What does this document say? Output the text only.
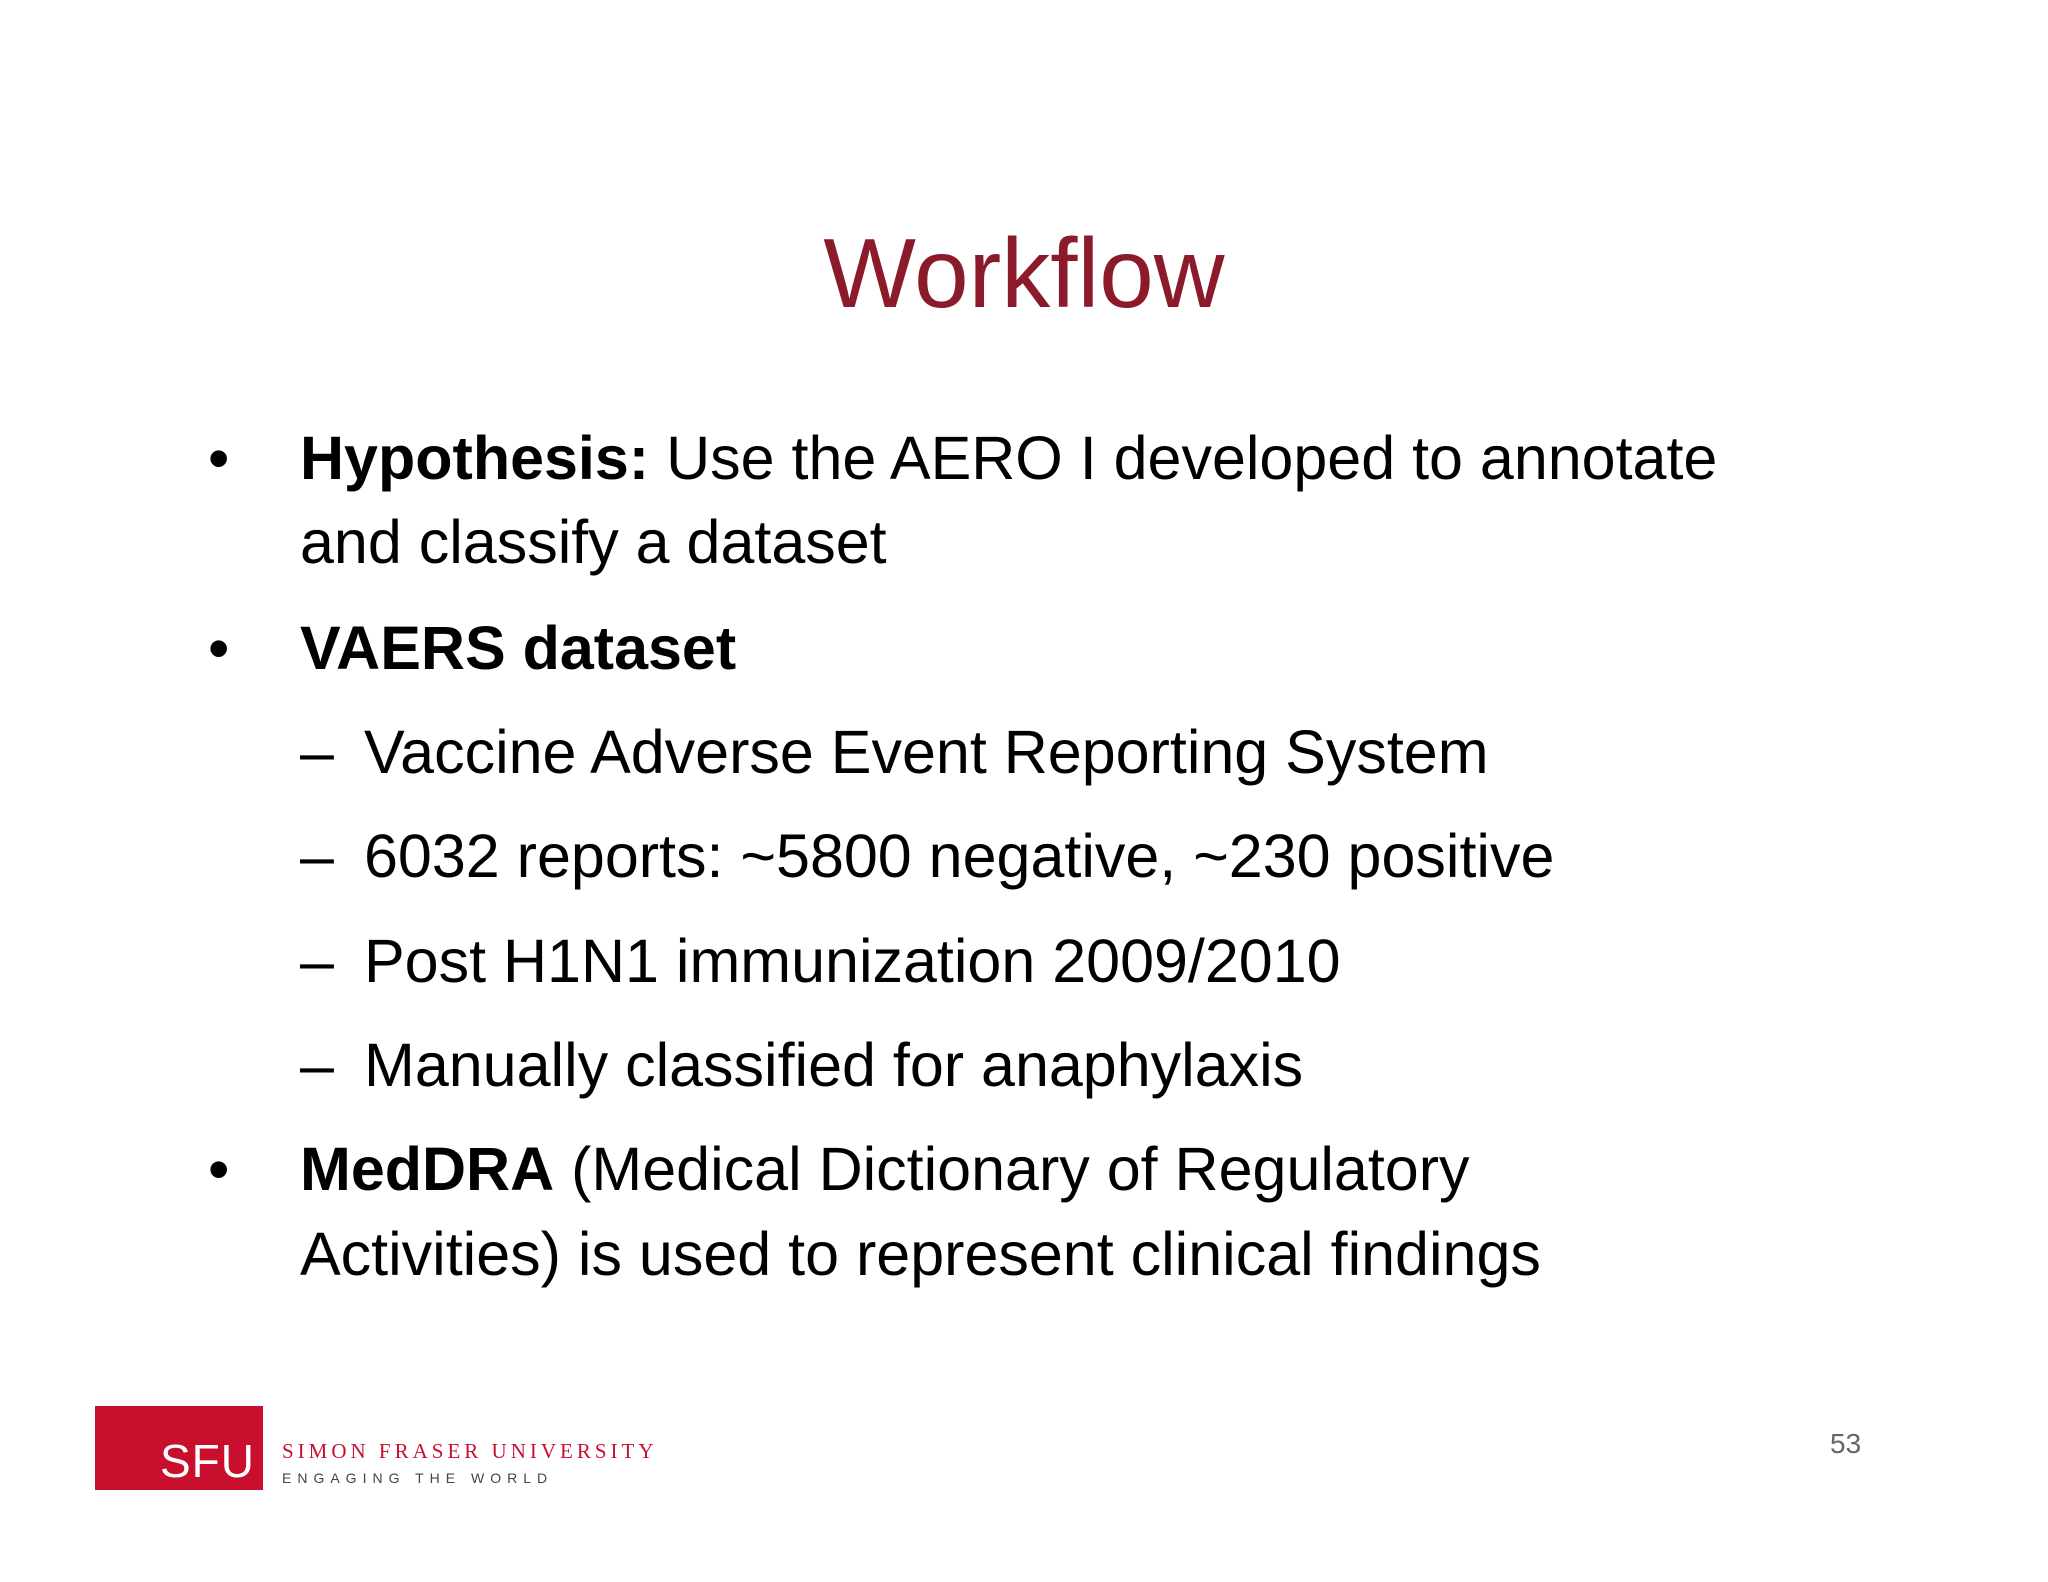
Workflow
• Hypothesis: Use the AERO I developed to annotate
and classify a dataset
• VAERS dataset
– Vaccine Adverse Event Reporting System
– 6032 reports: ~5800 negative, ~230 positive
– Post H1N1 immunization 2009/2010
– Manually classified for anaphylaxis
• MedDRA (Medical Dictionary of Regulatory
Activities) is used to represent clinical findings
SFU SIMON FRASER UNIVERSITY
ENGAGING THE WORLD
53
